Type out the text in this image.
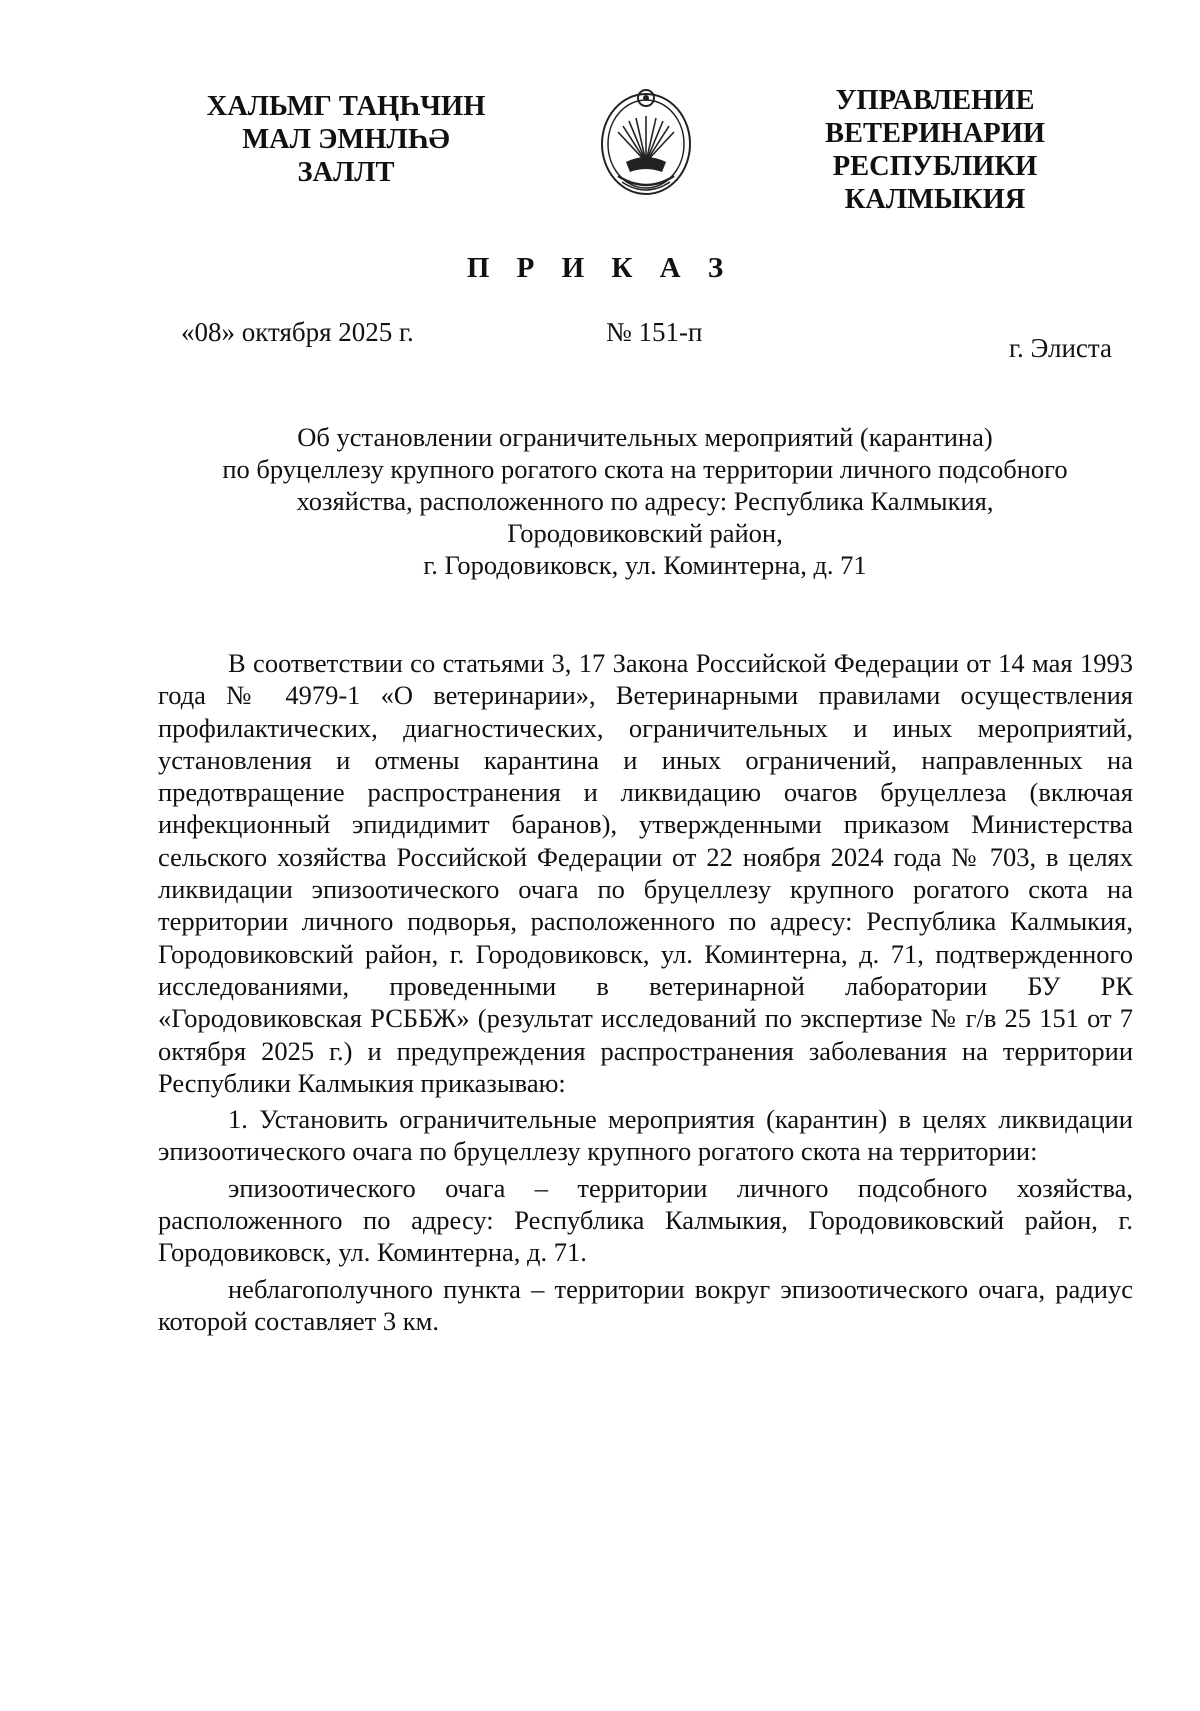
ХАЛЬМГ ТАҢҺЧИН
МАЛ ЭМНЛҺӘ
ЗАЛЛТ
УПРАВЛЕНИЕ
ВЕТЕРИНАРИИ
РЕСПУБЛИКИ
КАЛМЫКИЯ
П Р И К А З
«08» октября 2025 г.	№ 151-п
г. Элиста
Об установлении ограничительных мероприятий (карантина)
по бруцеллезу крупного рогатого скота на территории личного подсобного
хозяйства, расположенного по адресу: Республика Калмыкия,
Городовиковский район,
г. Городовиковск, ул. Коминтерна, д. 71

В соответствии со статьями 3, 17 Закона Российской Федерации от 14 мая 1993 года № 4979-1 «О ветеринарии», Ветеринарными правилами осуществления профилактических, диагностических, ограничительных и иных мероприятий, установления и отмены карантина и иных ограничений, направленных на предотвращение распространения и ликвидацию очагов бруцеллеза (включая инфекционный эпидидимит баранов), утвержденными приказом Министерства сельского хозяйства Российской Федерации от 22 ноября 2024 года № 703, в целях ликвидации эпизоотического очага по бруцеллезу крупного рогатого скота на территории личного подворья, расположенного по адресу: Республика Калмыкия, Городовиковский район, г. Городовиковск, ул. Коминтерна, д. 71, подтвержденного исследованиями, проведенными в ветеринарной лаборатории БУ РК «Городовиковская РСББЖ» (результат исследований по экспертизе № г/в 25 151 от 7 октября 2025 г.) и предупреждения распространения заболевания на территории Республики Калмыкия приказываю:

1. Установить ограничительные мероприятия (карантин) в целях ликвидации эпизоотического очага по бруцеллезу крупного рогатого скота на территории:

эпизоотического очага – территории личного подсобного хозяйства, расположенного по адресу: Республика Калмыкия, Городовиковский район, г. Городовиковск, ул. Коминтерна, д. 71.

неблагополучного пункта – территории вокруг эпизоотического очага, радиус которой составляет 3 км.
